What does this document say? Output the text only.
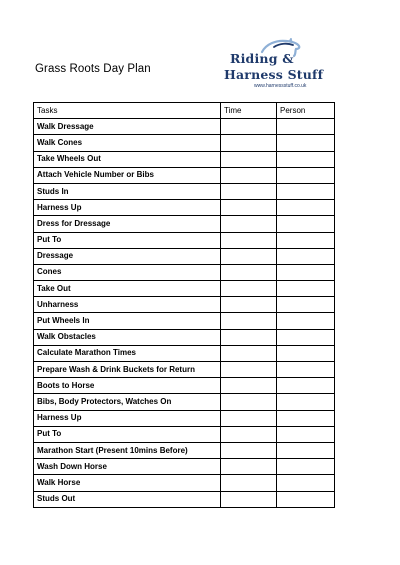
Grass Roots Day Plan
Riding &
Harness Stuff
www.harnessstuff.co.uk
Tasks	Time	Person
Walk Dressage		
Walk Cones		
Take Wheels Out		
Attach Vehicle Number or Bibs		
Studs In		
Harness Up		
Dress for Dressage		
Put To		
Dressage		
Cones		
Take Out		
Unharness		
Put Wheels In		
Walk Obstacles		
Calculate Marathon Times		
Prepare Wash & Drink Buckets for Return		
Boots to Horse		
Bibs, Body Protectors, Watches On		
Harness Up		
Put To		
Marathon Start (Present 10mins Before)		
Wash Down Horse		
Walk Horse		
Studs Out		
